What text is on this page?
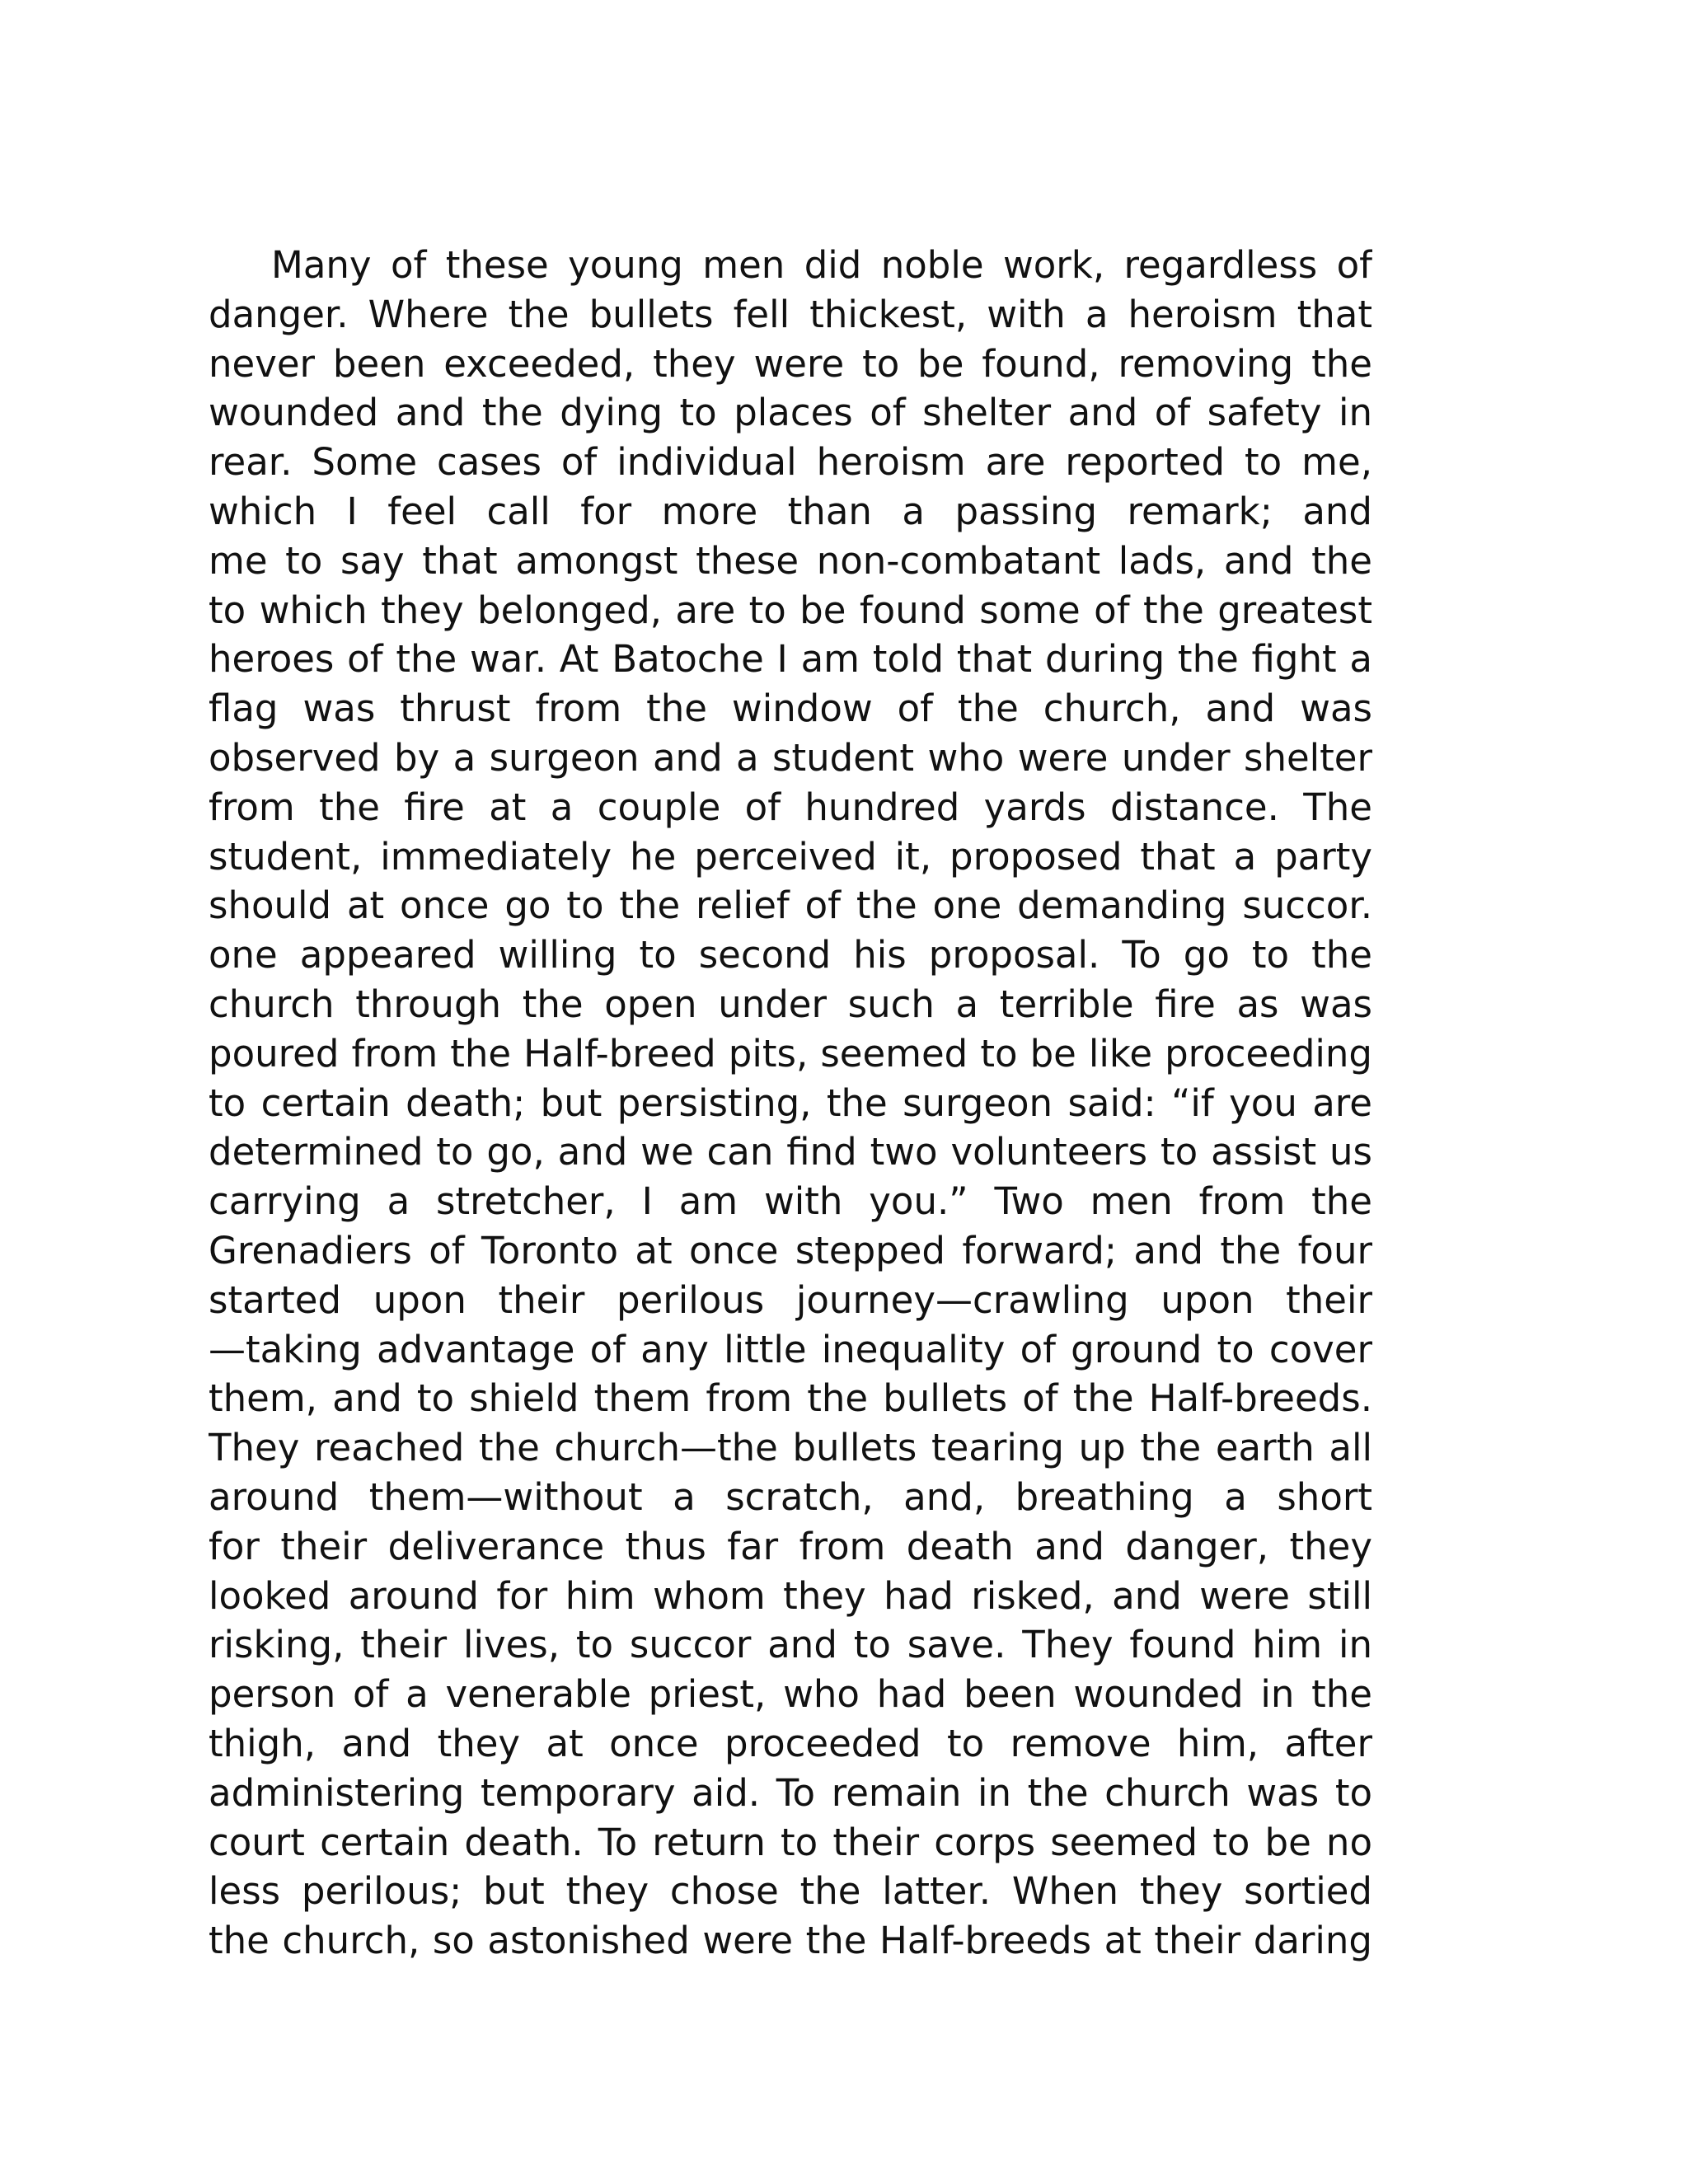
Many of these young men did noble work, regardless of
danger. Where the bullets fell thickest, with a heroism that
never been exceeded, they were to be found, removing the
wounded and the dying to places of shelter and of safety in
rear. Some cases of individual heroism are reported to me,
which I feel call for more than a passing remark; and
me to say that amongst these non-combatant lads, and the
to which they belonged, are to be found some of the greatest
heroes of the war. At Batoche I am told that during the fight a
flag was thrust from the window of the church, and was
observed by a surgeon and a student who were under shelter
from the fire at a couple of hundred yards distance. The
student, immediately he perceived it, proposed that a party
should at once go to the relief of the one demanding succor.
one appeared willing to second his proposal. To go to the
church through the open under such a terrible fire as was
poured from the Half-breed pits, seemed to be like proceeding
to certain death; but persisting, the surgeon said: “if you are
determined to go, and we can find two volunteers to assist us
carrying a stretcher, I am with you.” Two men from the
Grenadiers of Toronto at once stepped forward; and the four
started upon their perilous journey—crawling upon their
—taking advantage of any little inequality of ground to cover
them, and to shield them from the bullets of the Half-breeds.
They reached the church—the bullets tearing up the earth all
around them—without a scratch, and, breathing a short
for their deliverance thus far from death and danger, they
looked around for him whom they had risked, and were still
risking, their lives, to succor and to save. They found him in
person of a venerable priest, who had been wounded in the
thigh, and they at once proceeded to remove him, after
administering temporary aid. To remain in the church was to
court certain death. To return to their corps seemed to be no
less perilous; but they chose the latter. When they sortied
the church, so astonished were the Half-breeds at their daring
